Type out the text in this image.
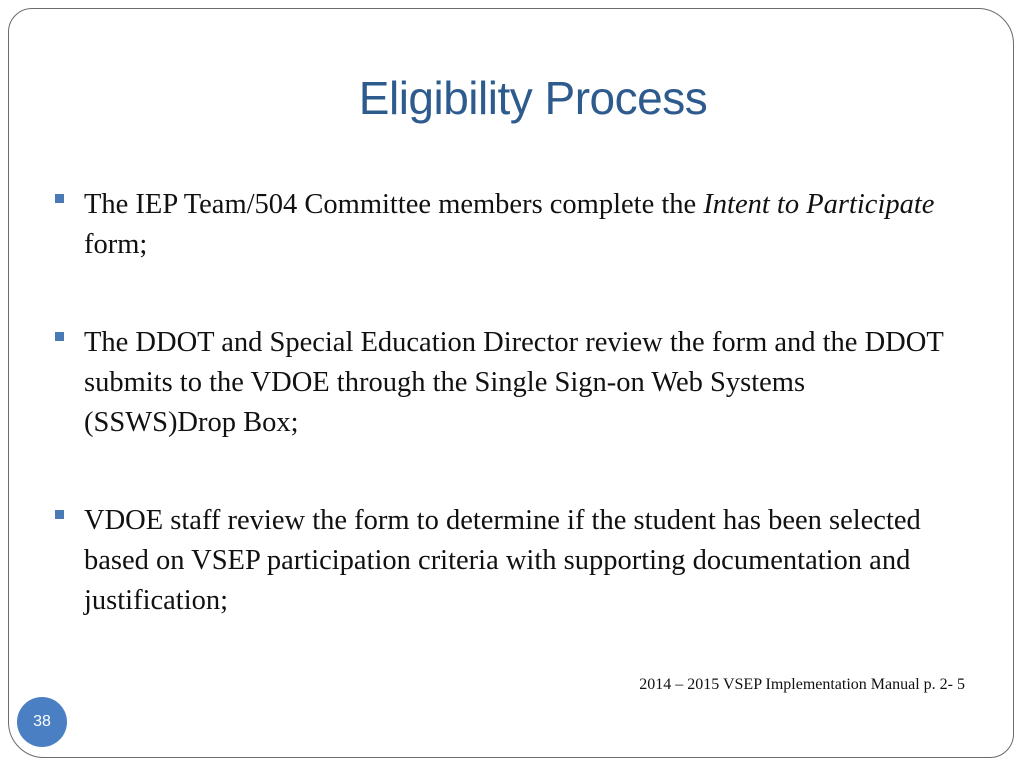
Eligibility Process
The IEP Team/504 Committee members complete the Intent to Participate form;
The DDOT and Special Education Director review the form and the DDOT submits to the VDOE through the Single Sign-on Web Systems (SSWS)Drop Box;
VDOE staff review the form to determine if the student has been selected based on VSEP participation criteria with supporting documentation and justification;
2014 – 2015 VSEP Implementation Manual p. 2- 5
38
